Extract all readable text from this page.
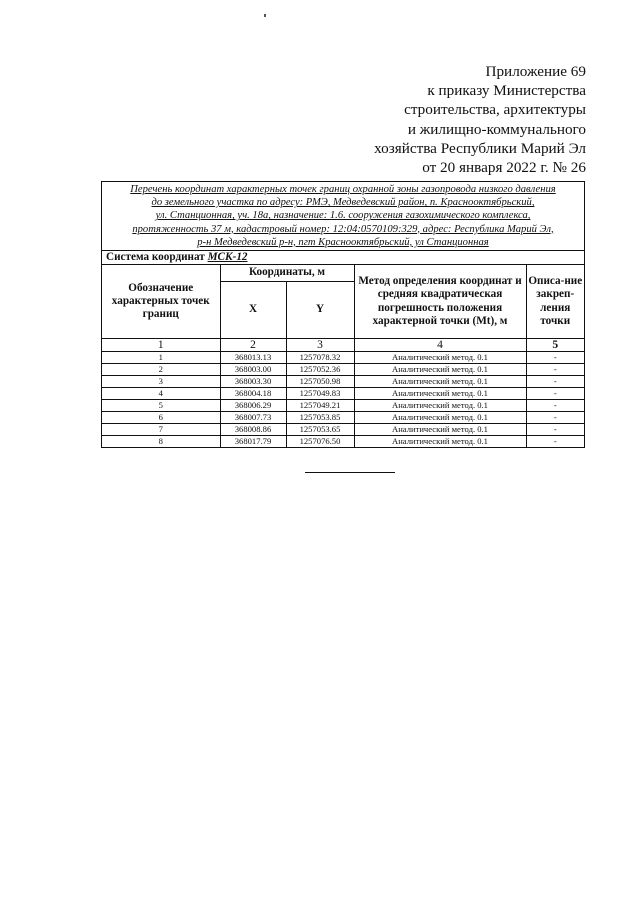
Приложение 69
к приказу Министерства
строительства, архитектуры
и жилищно-коммунального
хозяйства Республики Марий Эл
от 20 января 2022 г. № 26
Перечень координат характерных точек границ охранной зоны газопровода низкого давления
до земельного участка по адресу: РМЭ, Медведевский район, п. Краснооктябрьский,
ул. Станционная, уч. 18а, назначение: 1.6. сооружения газохимического комплекса,
протяженность 37 м, кадастровый номер: 12:04:0570109:329, адрес: Республика Марий Эл,
р-н Медведевский р-н, пгт Краснооктябрьский, ул Станционная
Система координат МСК-12
Обозначение характерных точек границ	Координаты, м		Метод определения координат и средняя квадратическая погрешность положения характерной точки (Mt), м	Описа-ние закреп-ления точки
	X	Y		
1	2	3	4	5
1	368013.13	1257078.32	Аналитический метод. 0.1	-
2	368003.00	1257052.36	Аналитический метод. 0.1	-
3	368003.30	1257050.98	Аналитический метод. 0.1	-
4	368004.18	1257049.83	Аналитический метод. 0.1	-
5	368006.29	1257049.21	Аналитический метод. 0.1	-
6	368007.73	1257053.85	Аналитический метод. 0.1	-
7	368008.86	1257053.65	Аналитический метод. 0.1	-
8	368017.79	1257076.50	Аналитический метод. 0.1	-
